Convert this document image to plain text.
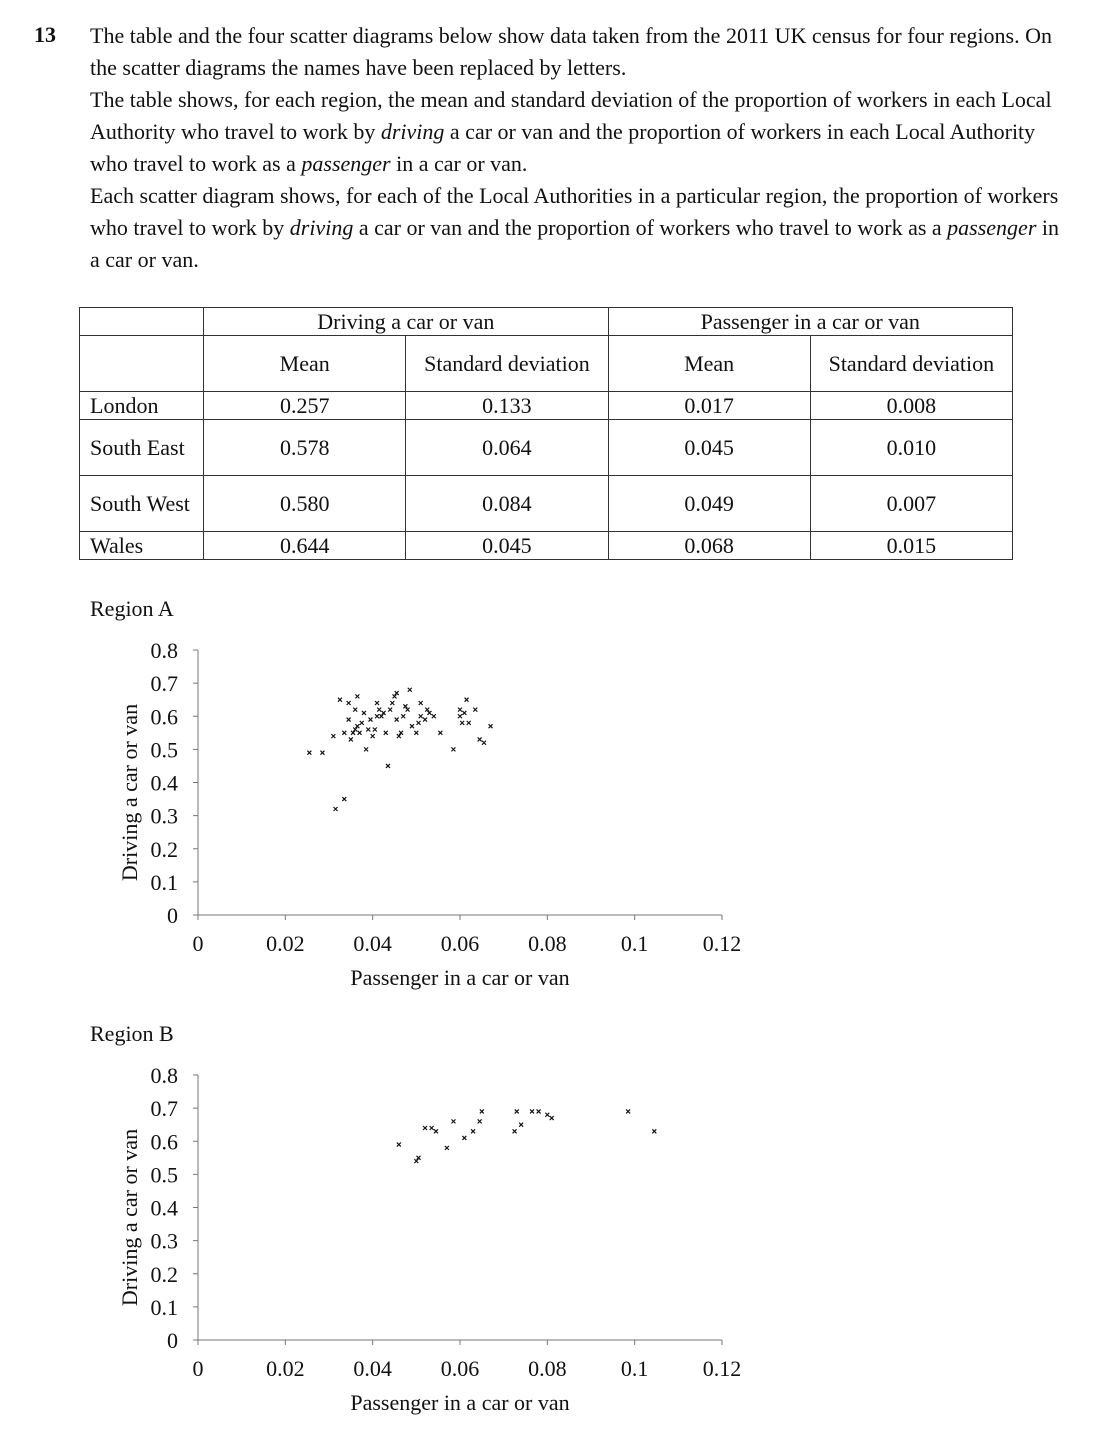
13 The table and the four scatter diagrams below show data taken from the 2011 UK census for four regions. On the scatter diagrams the names have been replaced by letters.

The table shows, for each region, the mean and standard deviation of the proportion of workers in each Local Authority who travel to work by driving a car or van and the proportion of workers in each Local Authority who travel to work as a passenger in a car or van.

Each scatter diagram shows, for each of the Local Authorities in a particular region, the proportion of workers who travel to work by driving a car or van and the proportion of workers who travel to work as a passenger in a car or van.

	Driving a car or van		Passenger in a car or van	
	Mean	Standard deviation	Mean	Standard deviation
London	0.257	0.133	0.017	0.008
South East	0.578	0.064	0.045	0.010
South West	0.580	0.084	0.049	0.007
Wales	0.644	0.045	0.068	0.015
Region A
0
0.1
0.2
0.3
0.4
0.5
0.6
0.7
0.8
0	0.02 0.04 0.06 0.08 0.1 0.12
Passenger in a car or van
Driving a car or van
Region B
0
0.1
0.2
0.3
0.4
0.5
0.6
0.7
0.8
0	0.02 0.04 0.06 0.08 0.1 0.12
Passenger in a car or van
Driving a car or van
